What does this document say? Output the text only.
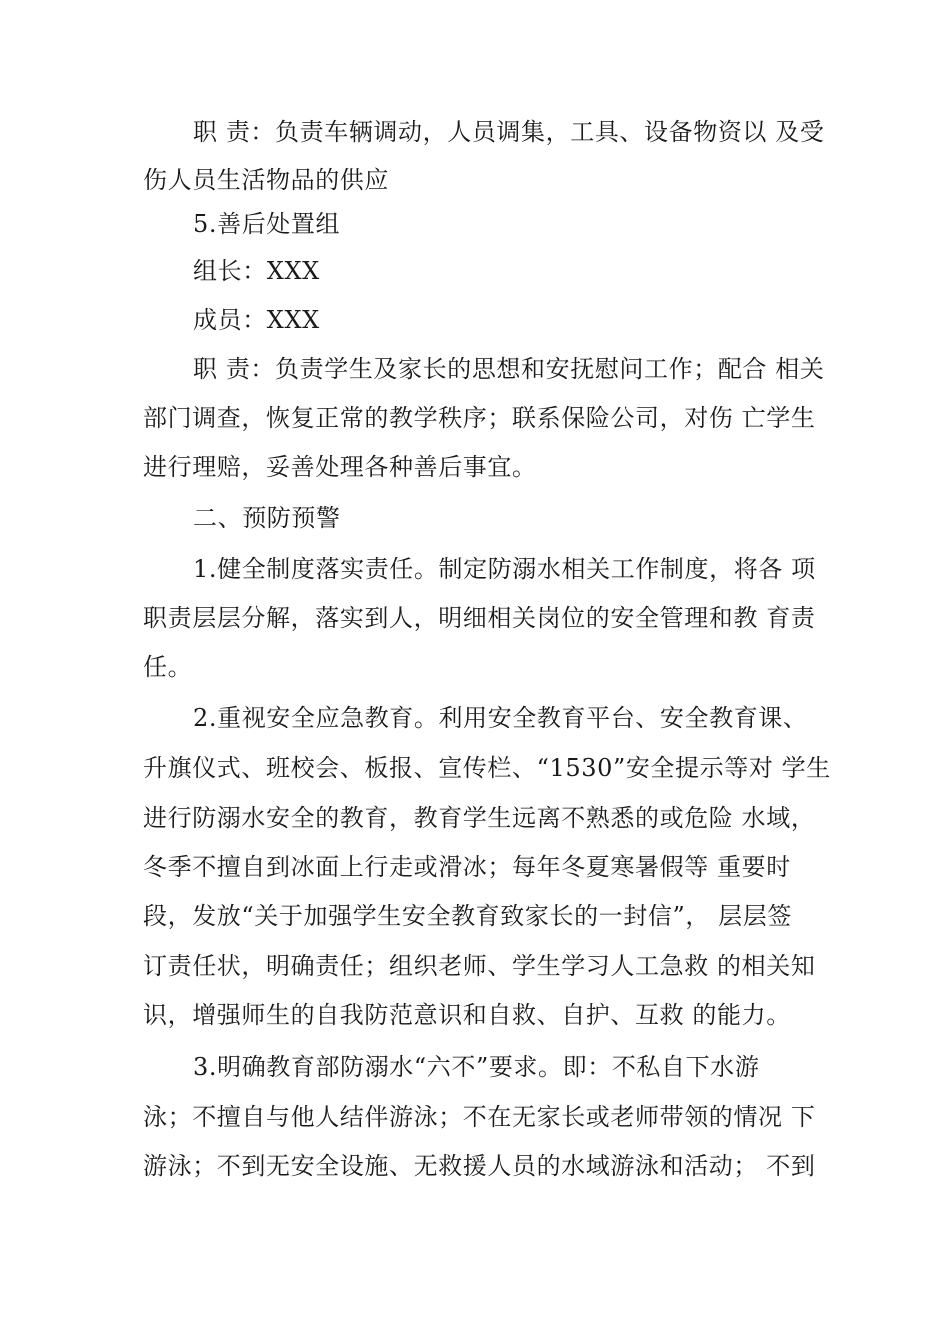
职 责：负责车辆调动，人员调集，工具、设备物资以 及受
伤人员生活物品的供应
5.善后处置组
组长：XXX
成员：XXX
职 责：负责学生及家长的思想和安抚慰问工作；配合 相关
部门调查，恢复正常的教学秩序；联系保险公司，对伤 亡学生
进行理赔，妥善处理各种善后事宜。
二、预防预警
1.健全制度落实责任。制定防溺水相关工作制度，将各 项
职责层层分解，落实到人，明细相关岗位的安全管理和教 育责
任。
2.重视安全应急教育。利用安全教育平台、安全教育课、
升旗仪式、班校会、板报、宣传栏、“1530”安全提示等对 学生
进行防溺水安全的教育，教育学生远离不熟悉的或危险 水域，
冬季不擅自到冰面上行走或滑冰；每年冬夏寒暑假等 重要时
段，发放“关于加强学生安全教育致家长的一封信”， 层层签
订责任状，明确责任；组织老师、学生学习人工急救 的相关知
识，增强师生的自我防范意识和自救、自护、互救 的能力。
3.明确教育部防溺水“六不”要求。即：不私自下水游
泳；不擅自与他人结伴游泳；不在无家长或老师带领的情况 下
游泳；不到无安全设施、无救援人员的水域游泳和活动； 不到
